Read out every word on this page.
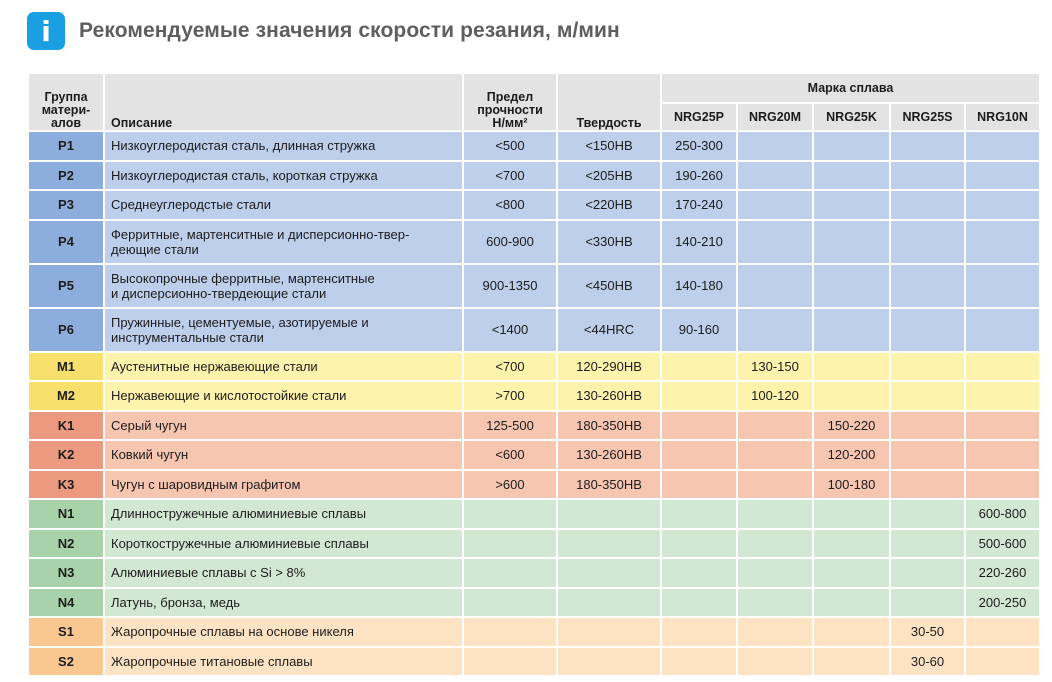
i	Рекомендуемые значения скорости резания, м/мин
Группа
матери-
алов	Описание	Предел
прочности
Н/мм²	Твердость	Марка сплава				
				NRG25P	NRG20M	NRG25K	NRG25S	NRG10N
P1	Низкоуглеродистая сталь, длинная стружка	<500	<150HB	250-300				
P2	Низкоуглеродистая сталь, короткая стружка	<700	<205HB	190-260				
P3	Среднеуглеродстые стали	<800	<220HB	170-240				
P4	Ферритные, мартенситные и дисперсионно-твер-
деющие стали	600-900	<330HB	140-210				
P5	Высокопрочные ферритные, мартенситные
и дисперсионно-твердеющие стали	900-1350	<450HB	140-180				
P6	Пружинные, цементуемые, азотируемые и
инструментальные стали	<1400	<44HRC	90-160				
M1	Аустенитные нержавеющие стали	<700	120-290HB		130-150			
M2	Нержавеющие и кислотостойкие стали	>700	130-260HB		100-120			
K1	Серый чугун	125-500	180-350HB			150-220		
K2	Ковкий чугун	<600	130-260HB			120-200		
K3	Чугун с шаровидным графитом	>600	180-350HB			100-180		
N1	Длинностружечные алюминиевые сплавы							600-800
N2	Короткостружечные алюминиевые сплавы							500-600
N3	Алюминиевые сплавы с Si > 8%							220-260
N4	Латунь, бронза, медь							200-250
S1	Жаропрочные сплавы на основе никеля						30-50	
S2	Жаропрочные титановые сплавы						30-60	
